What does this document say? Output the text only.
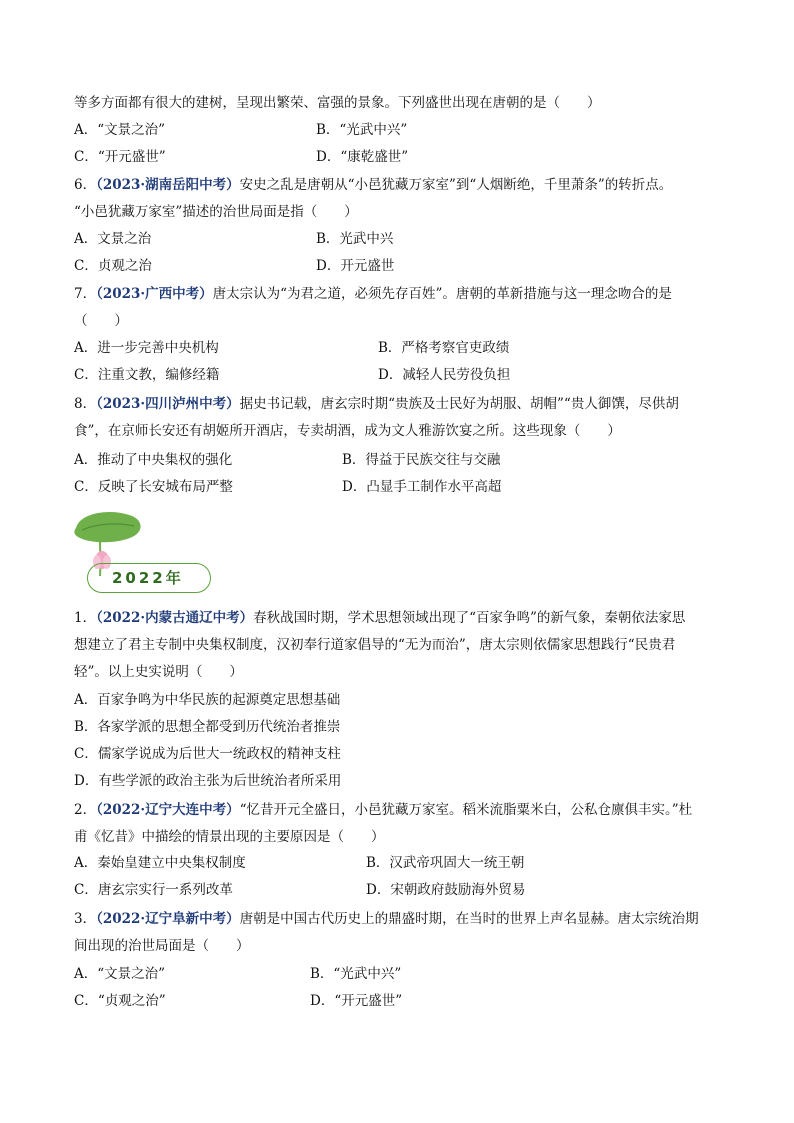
等多方面都有很大的建树，呈现出繁荣、富强的景象。下列盛世出现在唐朝的是（　　）
A．“文景之治”	B．“光武中兴”
C．“开元盛世”	D．“康乾盛世”
6．（2023·湖南岳阳中考）安史之乱是唐朝从“小邑犹藏万家室”到“人烟断绝，千里萧条”的转折点。
“小邑犹藏万家室”描述的治世局面是指（　　）
A．文景之治	B．光武中兴
C．贞观之治	D．开元盛世
7．（2023·广西中考）唐太宗认为“为君之道，必须先存百姓”。唐朝的革新措施与这一理念吻合的是
（　　）
A．进一步完善中央机构	B．严格考察官吏政绩
C．注重文教，编修经籍	D．减轻人民劳役负担
8．（2023·四川泸州中考）据史书记载，唐玄宗时期“贵族及士民好为胡服、胡帽”“贵人御馔，尽供胡
食”，在京师长安还有胡姬所开酒店，专卖胡酒，成为文人雅游饮宴之所。这些现象（　　）
A．推动了中央集权的强化	B．得益于民族交往与交融
C．反映了长安城布局严整	D．凸显手工制作水平高超
2022年
1．（2022·内蒙古通辽中考）春秋战国时期，学术思想领域出现了“百家争鸣”的新气象，秦朝依法家思
想建立了君主专制中央集权制度，汉初奉行道家倡导的“无为而治”，唐太宗则依儒家思想践行“民贵君
轻”。以上史实说明（　　）
A．百家争鸣为中华民族的起源奠定思想基础
B．各家学派的思想全都受到历代统治者推崇
C．儒家学说成为后世大一统政权的精神支柱
D．有些学派的政治主张为后世统治者所采用
2．（2022·辽宁大连中考）“忆昔开元全盛日，小邑犹藏万家室。稻米流脂粟米白，公私仓廪俱丰实。”杜
甫《忆昔》中描绘的情景出现的主要原因是（　　）
A．秦始皇建立中央集权制度	B．汉武帝巩固大一统王朝
C．唐玄宗实行一系列改革	D．宋朝政府鼓励海外贸易
3．（2022·辽宁阜新中考）唐朝是中国古代历史上的鼎盛时期，在当时的世界上声名显赫。唐太宗统治期
间出现的治世局面是（　　）
A．“文景之治”	B．“光武中兴”
C．“贞观之治”	D．“开元盛世”
